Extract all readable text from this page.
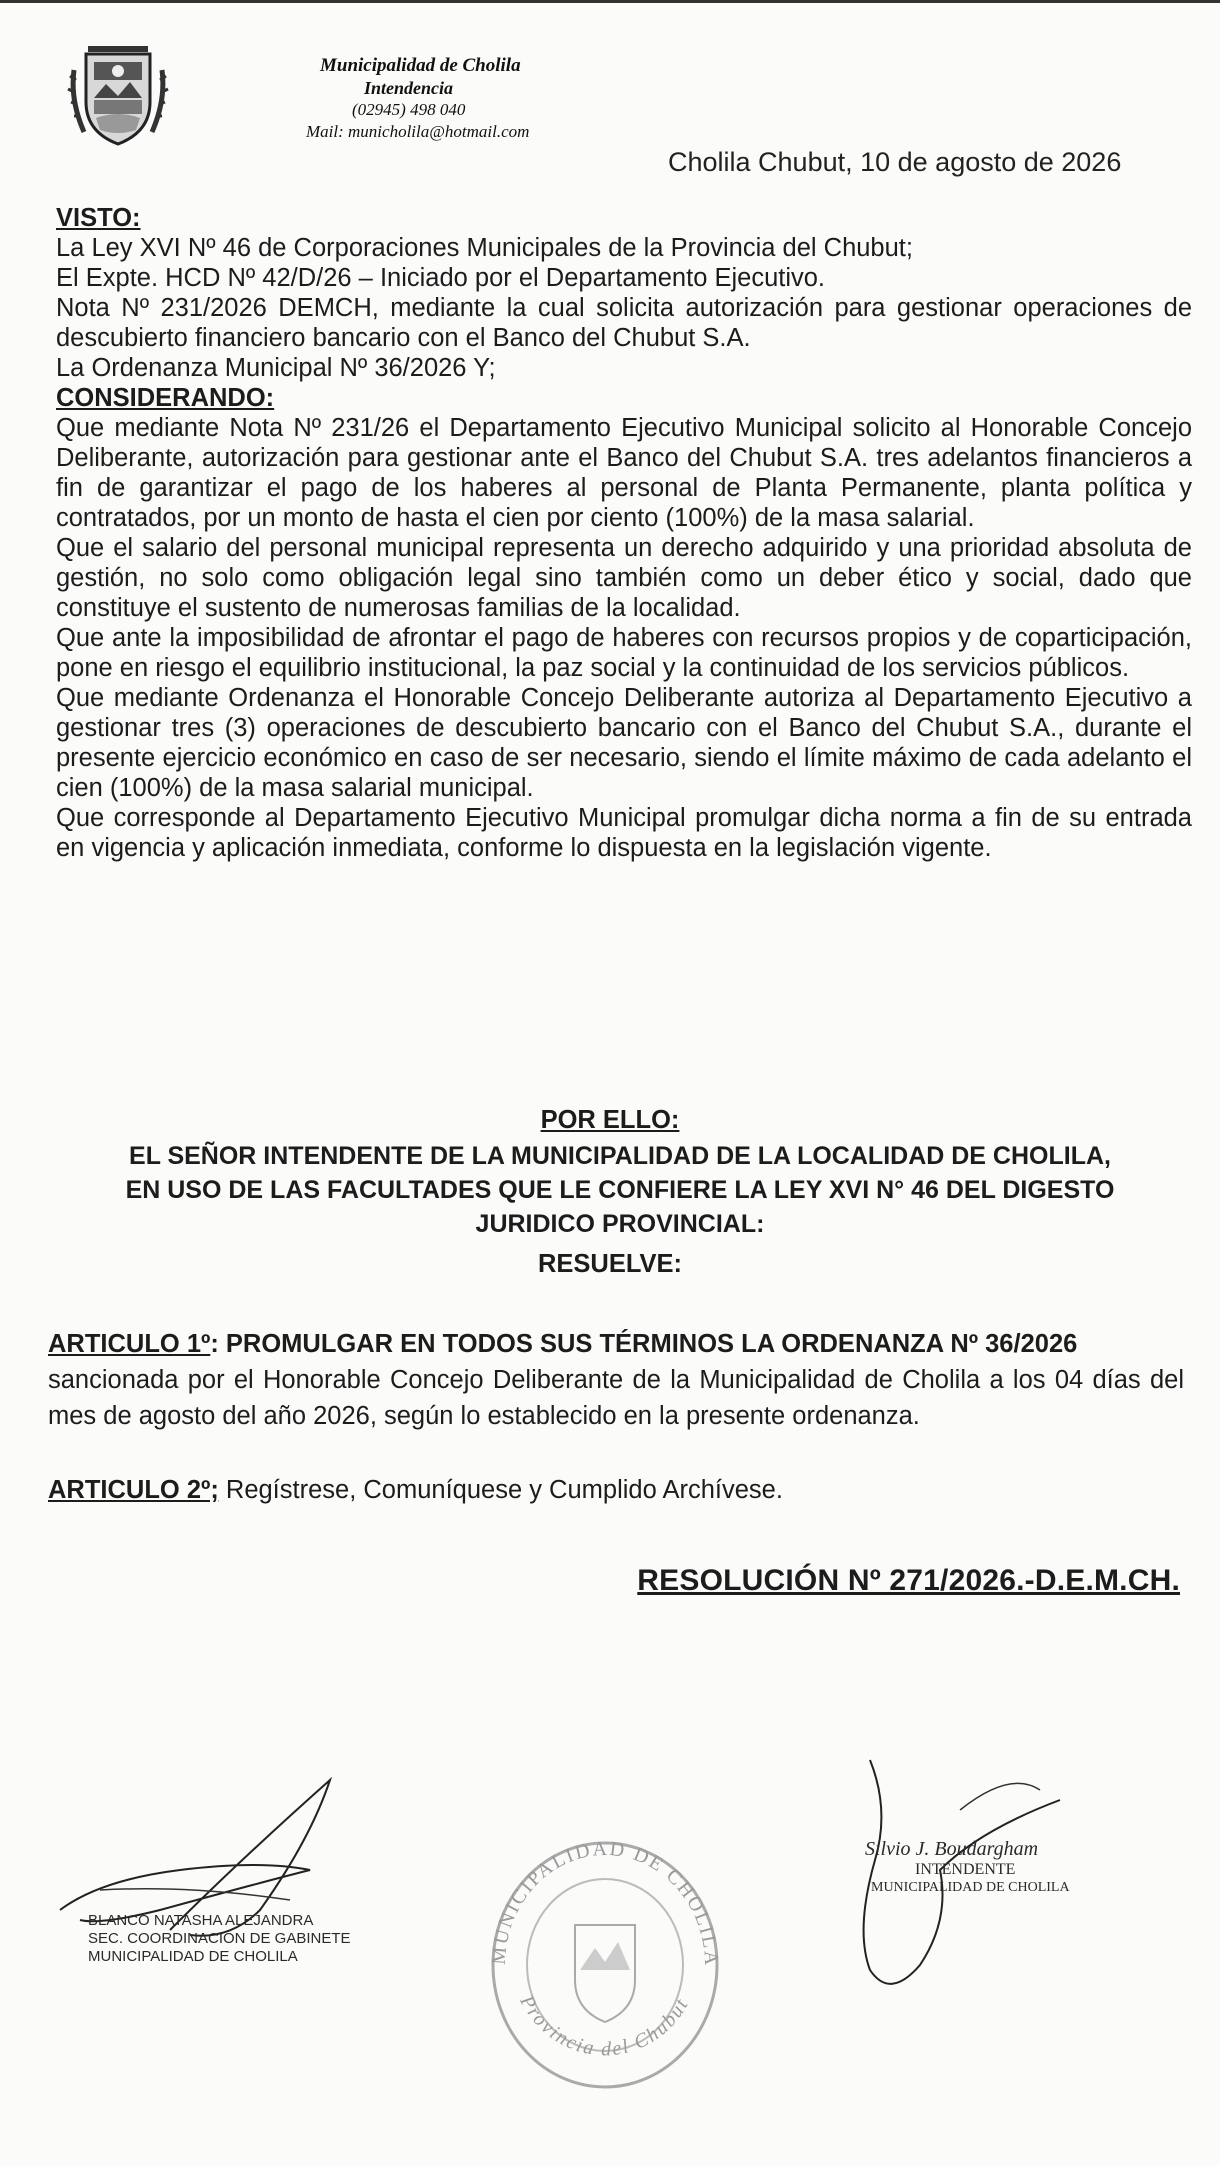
Municipalidad de Cholila
Intendencia
(02945) 498 040
Mail: municholila@hotmail.com
Cholila Chubut, 10 de agosto de 2026
VISTO:
La Ley XVI Nº 46 de Corporaciones Municipales de la Provincia del Chubut;
El Expte. HCD Nº 42/D/26 – Iniciado por el Departamento Ejecutivo.

Nota Nº 231/2026 DEMCH, mediante la cual solicita autorización para gestionar operaciones de descubierto financiero bancario con el Banco del Chubut S.A.

La Ordenanza Municipal Nº 36/2026 Y;
CONSIDERANDO:

Que mediante Nota Nº 231/26 el Departamento Ejecutivo Municipal solicito al Honorable Concejo Deliberante, autorización para gestionar ante el Banco del Chubut S.A. tres adelantos financieros a fin de garantizar el pago de los haberes al personal de Planta Permanente, planta política y contratados, por un monto de hasta el cien por ciento (100%) de la masa salarial.

Que el salario del personal municipal representa un derecho adquirido y una prioridad absoluta de gestión, no solo como obligación legal sino también como un deber ético y social, dado que constituye el sustento de numerosas familias de la localidad.

Que ante la imposibilidad de afrontar el pago de haberes con recursos propios y de coparticipación, pone en riesgo el equilibrio institucional, la paz social y la continuidad de los servicios públicos.

Que mediante Ordenanza el Honorable Concejo Deliberante autoriza al Departamento Ejecutivo a gestionar tres (3) operaciones de descubierto bancario con el Banco del Chubut S.A., durante el presente ejercicio económico en caso de ser necesario, siendo el límite máximo de cada adelanto el cien (100%) de la masa salarial municipal.

Que corresponde al Departamento Ejecutivo Municipal promulgar dicha norma a fin de su entrada en vigencia y aplicación inmediata, conforme lo dispuesta en la legislación vigente.

POR ELLO:
EL SEÑOR INTENDENTE DE LA MUNICIPALIDAD DE LA LOCALIDAD DE CHOLILA,
EN USO DE LAS FACULTADES QUE LE CONFIERE LA LEY XVI N° 46 DEL DIGESTO
JURIDICO PROVINCIAL:
RESUELVE:
ARTICULO 1º: PROMULGAR EN TODOS SUS TÉRMINOS LA ORDENANZA Nº 36/2026

sancionada por el Honorable Concejo Deliberante de la Municipalidad de Cholila a los 04 días del mes de agosto del año 2026, según lo establecido en la presente ordenanza.

ARTICULO 2º; Regístrese, Comuníquese y Cumplido Archívese.
RESOLUCIÓN Nº 271/2026.-D.E.M.CH.
BLANCO NATASHA ALEJANDRA
SEC. COORDINACION DE GABINETE
MUNICIPALIDAD DE CHOLILA	MUNICIPALIDAD DE CHOLILA
Provincia del Chubut
Silvio J. Boudargham
INTENDENTE
MUNICIPALIDAD DE CHOLILA
